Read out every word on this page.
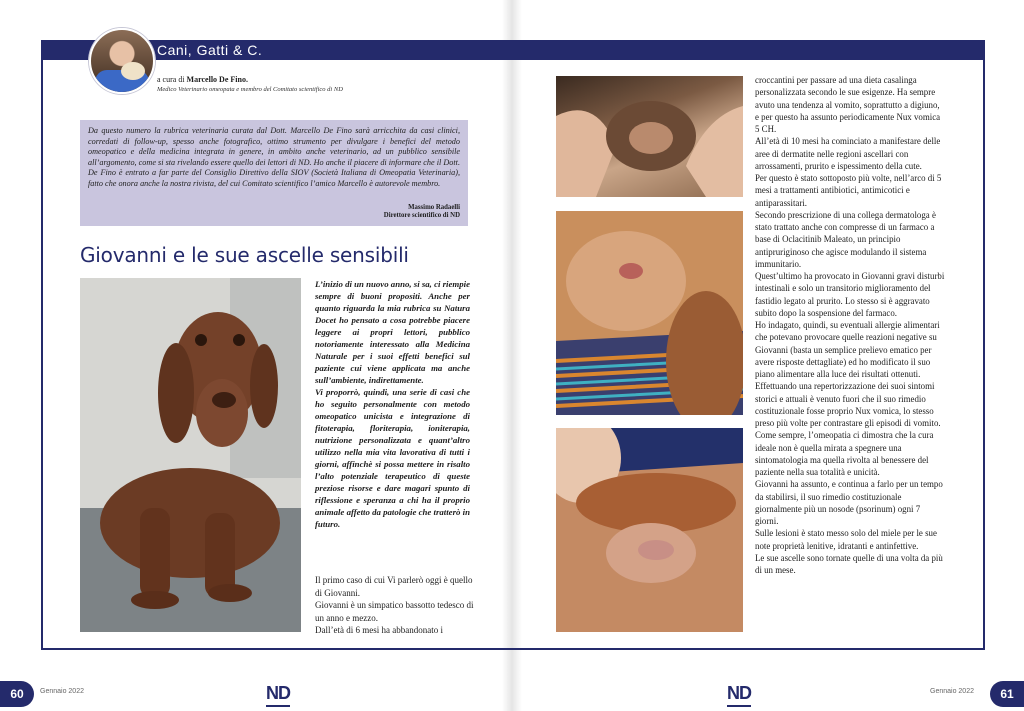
Cani, Gatti & C.
a cura di Marcello De Fino.
Medico Veterinario omeopata e membro del Comitato scientifico di ND

Da questo numero la rubrica veterinaria curata dal Dott. Marcello De Fino sarà arricchita da casi clinici, corredati di follow-up, spesso anche fotografico, ottimo strumento per divulgare i benefici del metodo omeopatico e della medicina integrata in genere, in ambito anche veterinario, ad un pubblico sensibile all’argomento, come si sta rivelando essere quello dei lettori di ND. Ho anche il piacere di informare che il Dott. De Fino è entrato a far parte del Consiglio Direttivo della SIOV (Società Italiana di Omeopatia Veterinaria), fatto che onora anche la nostra rivista, del cui Comitato scientifico l’amico Marcello è autorevole membro.

Massimo Radaelli
Direttore scientifico di ND
Giovanni e le sue ascelle sensibili

L’inizio di un nuovo anno, si sa, ci riempie sempre di buoni propositi. Anche per quanto riguarda la mia rubrica su Natura Docet ho pensato a cosa potrebbe piacere leggere ai propri lettori, pubblico notoriamente interessato alla Medicina Naturale per i suoi effetti benefici sul paziente cui viene applicata ma anche sull’ambiente, indirettamente.

Vi proporrò, quindi, una serie di casi che ho seguito personalmente con metodo omeopatico unicista e integrazione di fitoterapia, floriterapia, ioniterapia, nutrizione personalizzata e quant’altro utilizzo nella mia vita lavorativa di tutti i giorni, affinchè si possa mettere in risalto l’alto potenziale terapeutico di queste preziose risorse e dare magari spunto di riflessione e speranza a chi ha il proprio animale affetto da patologie che tratterò in futuro.

Il primo caso di cui Vi parlerò oggi è quello di Giovanni.

Giovanni è un simpatico bassotto tedesco di un anno e mezzo.

Dall’età di 6 mesi ha abbandonato i

croccantini per passare ad una dieta casalinga personalizzata secondo le sue esigenze. Ha sempre avuto una tendenza al vomito, soprattutto a digiuno, e per questo ha assunto periodicamente Nux vomica 5 CH.

All’età di 10 mesi ha cominciato a manifestare delle aree di dermatite nelle regioni ascellari con arrossamenti, prurito e ispessimento della cute.

Per questo è stato sottoposto più volte, nell’arco di 5 mesi a trattamenti antibiotici, antimicotici e antiparassitari.

Secondo prescrizione di una collega dermatologa è stato trattato anche con compresse di un farmaco a base di Oclacitinib Maleato, un principio antipruriginoso che agisce modulando il sistema immunitario.

Quest’ultimo ha provocato in Giovanni gravi disturbi intestinali e solo un transitorio miglioramento del fastidio legato al prurito. Lo stesso si è aggravato subito dopo la sospensione del farmaco.

Ho indagato, quindi, su eventuali allergie alimentari che potevano provocare quelle reazioni negative su Giovanni (basta un semplice prelievo ematico per avere risposte dettagliate) ed ho modificato il suo piano alimentare alla luce dei risultati ottenuti.

Effettuando una repertorizzazione dei suoi sintomi storici e attuali è venuto fuori che il suo rimedio costituzionale fosse proprio Nux vomica, lo stesso preso più volte per contrastare gli episodi di vomito.

Come sempre, l’omeopatia ci dimostra che la cura ideale non è quella mirata a spegnere una sintomatologia ma quella rivolta al benessere del paziente nella sua totalità e unicità.

Giovanni ha assunto, e continua a farlo per un tempo da stabilirsi, il suo rimedio costituzionale giornalmente più un nosode (psorinum) ogni 7 giorni.

Sulle lesioni è stato messo solo del miele per le sue note proprietà lenitive, idratanti e antinfettive.

Le sue ascelle sono tornate quelle di una volta da più di un mese.

60	Gennaio 2022	ND	ND	Gennaio 2022	61
